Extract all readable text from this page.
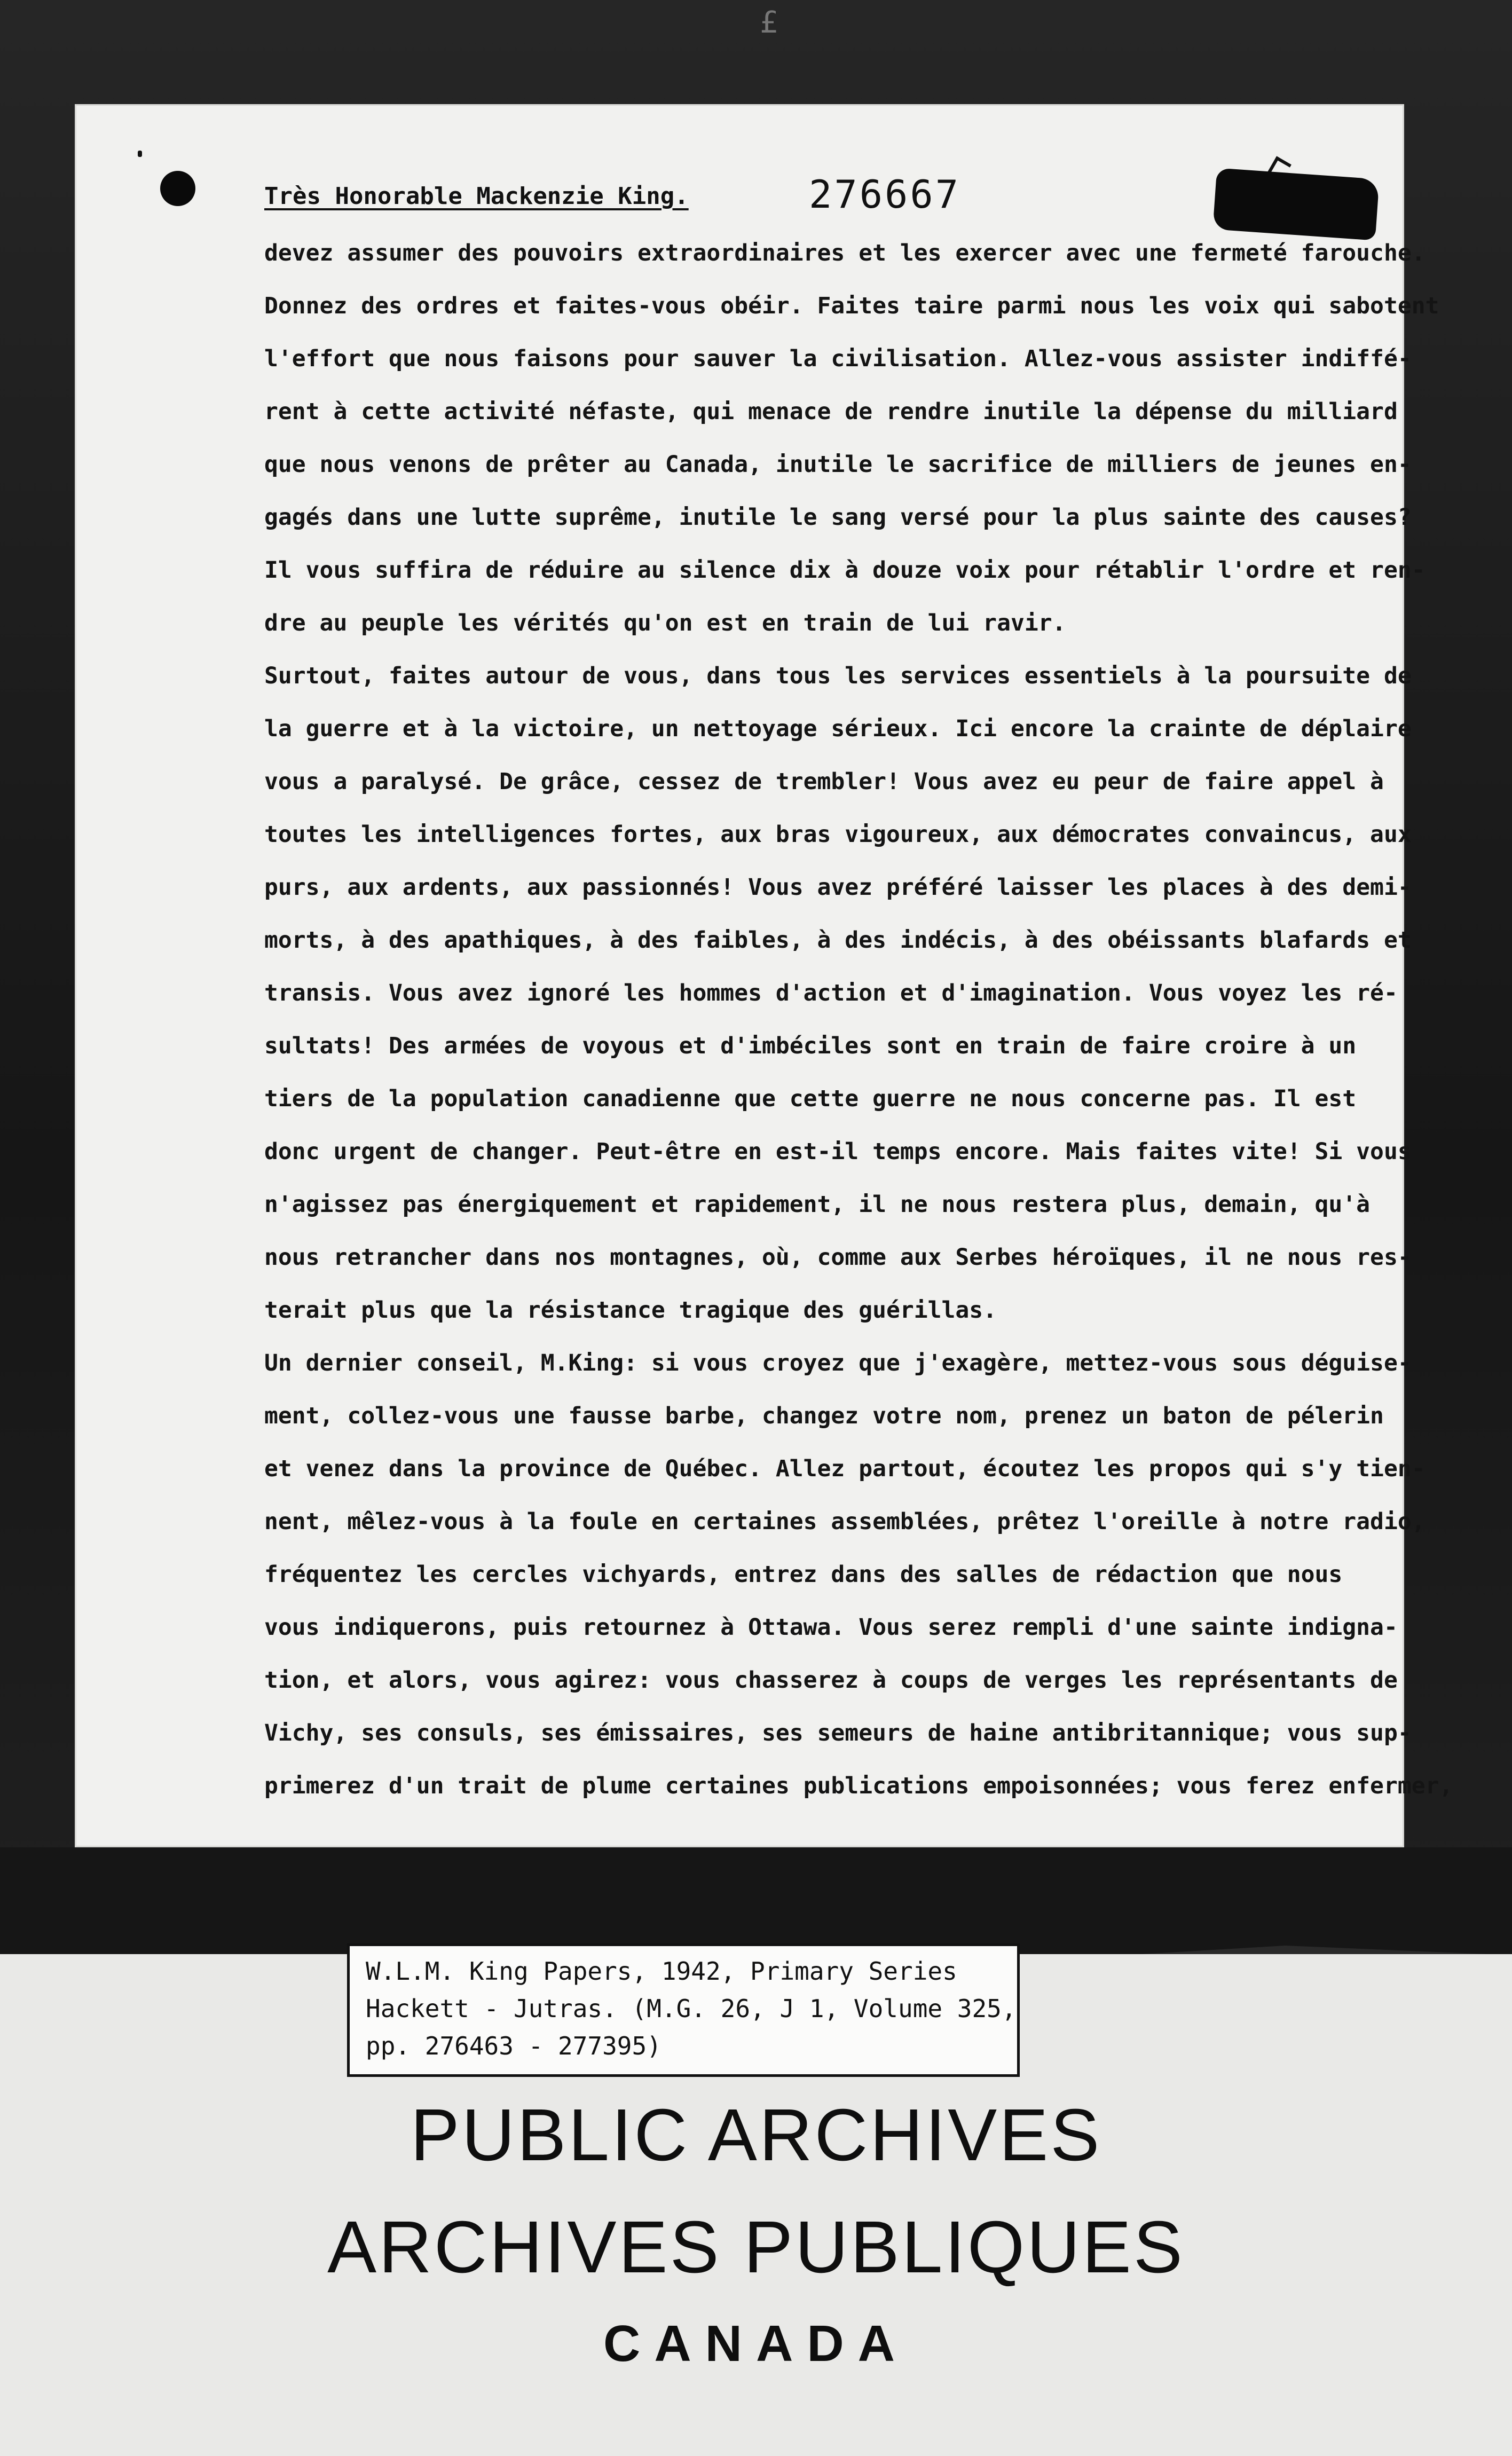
£
Très Honorable Mackenzie King.	276667
devez assumer des pouvoirs extraordinaires et les exercer avec une fermeté farouche.
Donnez des ordres et faites-vous obéir. Faites taire parmi nous les voix qui sabotent
l'effort que nous faisons pour sauver la civilisation. Allez-vous assister indiffé-
rent à cette activité néfaste, qui menace de rendre inutile la dépense du milliard
que nous venons de prêter au Canada, inutile le sacrifice de milliers de jeunes en-
gagés dans une lutte suprême, inutile le sang versé pour la plus sainte des causes?
Il vous suffira de réduire au silence dix à douze voix pour rétablir l'ordre et ren-
dre au peuple les vérités qu'on est en train de lui ravir.
Surtout, faites autour de vous, dans tous les services essentiels à la poursuite de
la guerre et à la victoire, un nettoyage sérieux. Ici encore la crainte de déplaire
vous a paralysé. De grâce, cessez de trembler! Vous avez eu peur de faire appel à
toutes les intelligences fortes, aux bras vigoureux, aux démocrates convaincus, aux
purs, aux ardents, aux passionnés! Vous avez préféré laisser les places à des demi-
morts, à des apathiques, à des faibles, à des indécis, à des obéissants blafards et
transis. Vous avez ignoré les hommes d'action et d'imagination. Vous voyez les ré-
sultats! Des armées de voyous et d'imbéciles sont en train de faire croire à un
tiers de la population canadienne que cette guerre ne nous concerne pas. Il est
donc urgent de changer. Peut-être en est-il temps encore. Mais faites vite! Si vous
n'agissez pas énergiquement et rapidement, il ne nous restera plus, demain, qu'à
nous retrancher dans nos montagnes, où, comme aux Serbes héroïques, il ne nous res-
terait plus que la résistance tragique des guérillas.
Un dernier conseil, M.King: si vous croyez que j'exagère, mettez-vous sous déguise-
ment, collez-vous une fausse barbe, changez votre nom, prenez un baton de pélerin
et venez dans la province de Québec. Allez partout, écoutez les propos qui s'y tien-
nent, mêlez-vous à la foule en certaines assemblées, prêtez l'oreille à notre radio,
fréquentez les cercles vichyards, entrez dans des salles de rédaction que nous
vous indiquerons, puis retournez à Ottawa. Vous serez rempli d'une sainte indigna-
tion, et alors, vous agirez: vous chasserez à coups de verges les représentants de
Vichy, ses consuls, ses émissaires, ses semeurs de haine antibritannique; vous sup-
primerez d'un trait de plume certaines publications empoisonnées; vous ferez enfermer,
W.L.M. King Papers, 1942, Primary Series
Hackett - Jutras. (M.G. 26, J 1, Volume 325,
pp. 276463 - 277395)
PUBLIC ARCHIVES
ARCHIVES PUBLIQUES
CANADA
